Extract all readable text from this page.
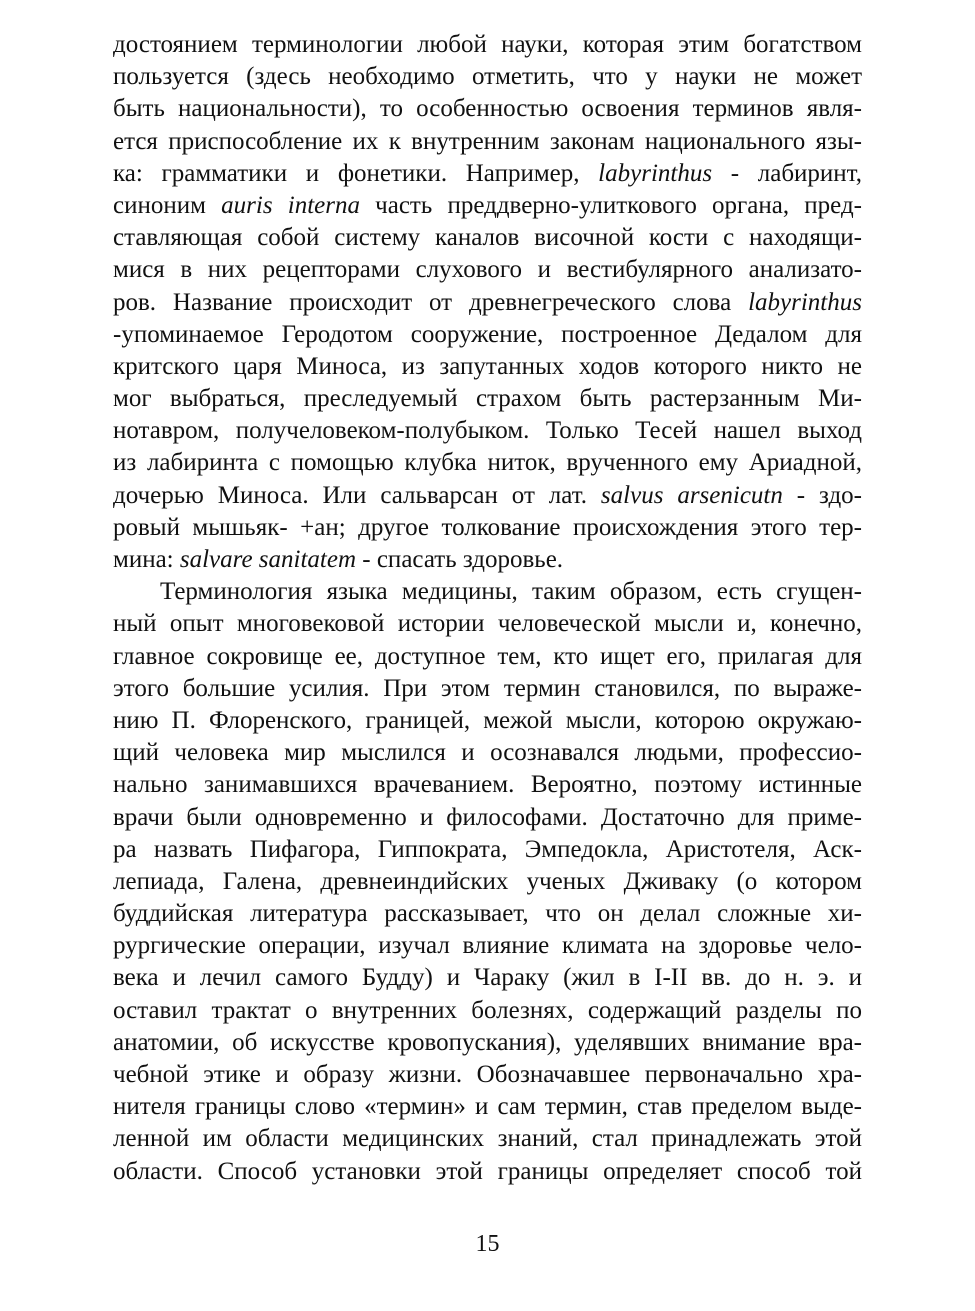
достоянием терминологии любой науки, которая этим богатством
пользуется (здесь необходимо отметить, что у науки не может
быть национальности), то особенностью освоения терминов явля-
ется приспособление их к внутренним законам национального язы-
ка: грамматики и фонетики. Например, labyrinthus - лабиринт,
синоним auris interna часть преддверно-улиткового органа, пред-
ставляющая собой систему каналов височной кости с находящи-
мися в них рецепторами слухового и вестибулярного анализато-
ров. Название происходит от древнегреческого слова labyrinthus
-упоминаемое Геродотом сооружение, построенное Дедалом для
критского царя Миноса, из запутанных ходов которого никто не
мог выбраться, преследуемый страхом быть растерзанным Ми-
нотавром, получеловеком-полубыком. Только Тесей нашел выход
из лабиринта с помощью клубка ниток, врученного ему Ариадной,
дочерью Миноса. Или сальварсан от лат. salvus arsenicutn - здо-
ровый мышьяк- +ан; другое толкование происхождения этого тер-
мина: salvare sanitatem - спасать здоровье.
Терминология языка медицины, таким образом, есть сгущен-
ный опыт многовековой истории человеческой мысли и, конечно,
главное сокровище ее, доступное тем, кто ищет его, прилагая для
этого большие усилия. При этом термин становился, по выраже-
нию П. Флоренского, границей, межой мысли, которою окружаю-
щий человека мир мыслился и осознавался людьми, профессио-
нально занимавшихся врачеванием. Вероятно, поэтому истинные
врачи были одновременно и философами. Достаточно для приме-
ра назвать Пифагора, Гиппократа, Эмпедокла, Аристотеля, Аск-
лепиада, Галена, древнеиндийских ученых Дживаку (о котором
буддийская литература рассказывает, что он делал сложные хи-
рургические операции, изучал влияние климата на здоровье чело-
века и лечил самого Будду) и Чараку (жил в I-II вв. до н. э. и
оставил трактат о внутренних болезнях, содержащий разделы по
анатомии, об искусстве кровопускания), уделявших внимание вра-
чебной этике и образу жизни. Обозначавшее первоначально хра-
нителя границы слово «термин» и сам термин, став пределом выде-
ленной им области медицинских знаний, стал принадлежать этой
области. Способ установки этой границы определяет способ той
15
